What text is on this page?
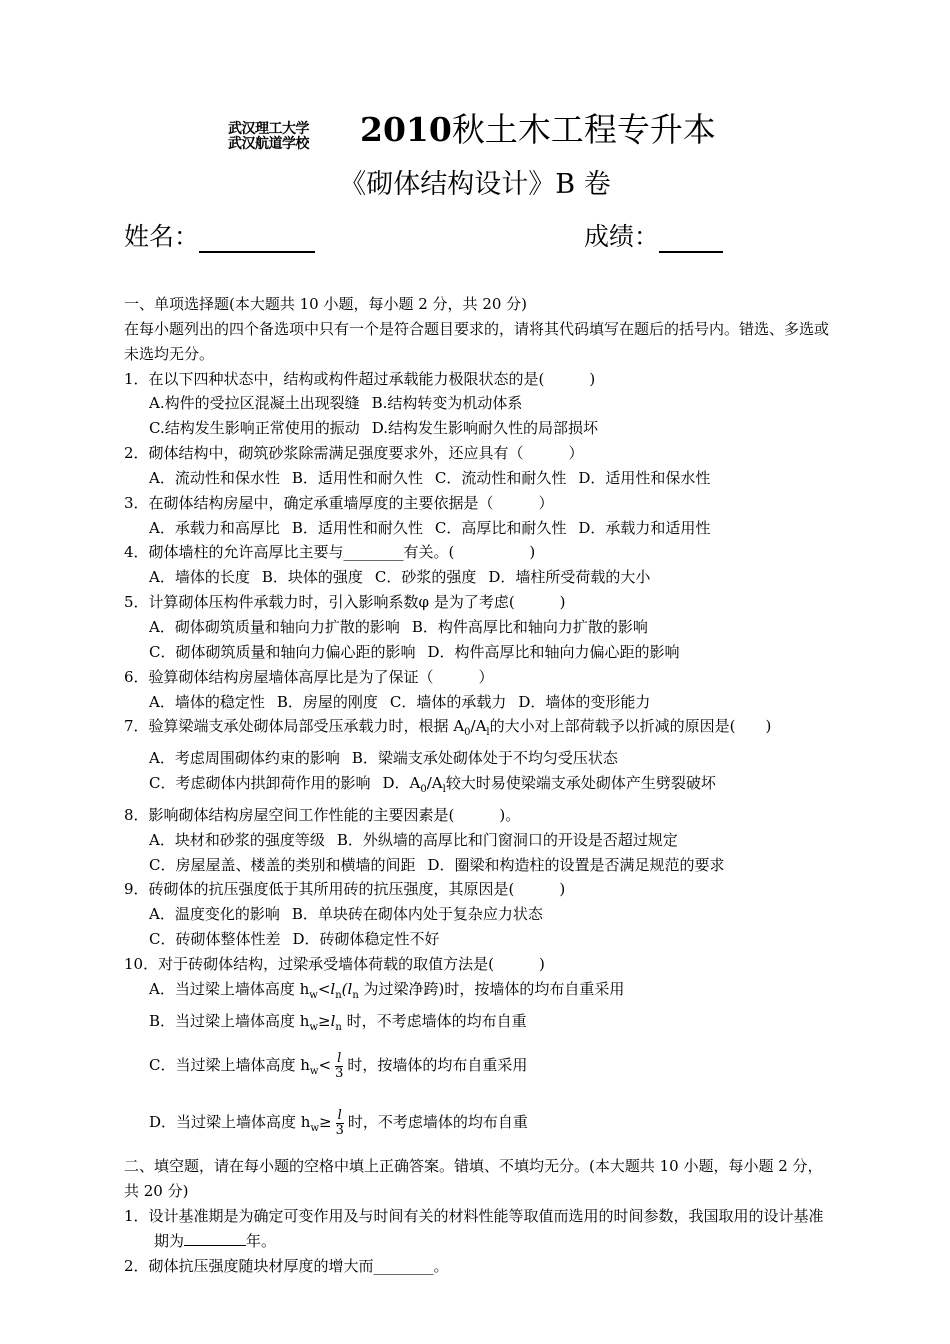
武汉理工大学
武汉航道学校	2010秋土木工程专升本
《砌体结构设计》B 卷
姓名：	成绩：
一、单项选择题(本大题共 10 小题，每小题 2 分，共 20 分)
在每小题列出的四个备选项中只有一个是符合题目要求的，请将其代码填写在题后的括号内。错选、多选或未选均无分。
1．在以下四种状态中，结构或构件超过承载能力极限状态的是(　　　)
A.构件的受拉区混凝土出现裂缝 B.结构转变为机动体系
C.结构发生影响正常使用的振动 D.结构发生影响耐久性的局部损坏
2．砌体结构中，砌筑砂浆除需满足强度要求外，还应具有（　　　）
A．流动性和保水性 B．适用性和耐久性 C．流动性和耐久性 D．适用性和保水性
3．在砌体结构房屋中，确定承重墙厚度的主要依据是（　　　）
A．承载力和高厚比 B．适用性和耐久性 C．高厚比和耐久性 D．承载力和适用性
4．砌体墙柱的允许高厚比主要与________有关。(　　　　　)
A．墙体的长度 B．块体的强度 C．砂浆的强度 D．墙柱所受荷载的大小
5．计算砌体压构件承载力时，引入影响系数φ 是为了考虑(　　　)
A．砌体砌筑质量和轴向力扩散的影响 B．构件高厚比和轴向力扩散的影响
C．砌体砌筑质量和轴向力偏心距的影响 D．构件高厚比和轴向力偏心距的影响
6．验算砌体结构房屋墙体高厚比是为了保证（　　　）
A．墙体的稳定性 B．房屋的刚度 C．墙体的承载力 D．墙体的变形能力
7．验算梁端支承处砌体局部受压承载力时，根据 $A_0/A_l$的大小对上部荷载予以折减的原因是(　　)
A．考虑周围砌体约束的影响 B．梁端支承处砌体处于不均匀受压状态
C．考虑砌体内拱卸荷作用的影响 D．$A_0/A_l$较大时易使梁端支承处砌体产生劈裂破坏
8．影响砌体结构房屋空间工作性能的主要因素是(　　　)。
A．块材和砂浆的强度等级 B．外纵墙的高厚比和门窗洞口的开设是否超过规定
C．房屋屋盖、楼盖的类别和横墙的间距 D．圈梁和构造柱的设置是否满足规范的要求
9．砖砌体的抗压强度低于其所用砖的抗压强度，其原因是(　　　)
A．温度变化的影响 B．单块砖在砌体内处于复杂应力状态
C．砖砌体整体性差 D．砖砌体稳定性不好
10．对于砖砌体结构，过梁承受墙体荷载的取值方法是(　　　)
A．当过梁上墙体高度 $h_w<l_n(l_n$ 为过梁净跨)时，按墙体的均布自重采用
B．当过梁上墙体高度 $h_w\ge l_n$ 时，不考虑墙体的均布自重
C．当过梁上墙体高度 $h_w< \frac{l}{3}$ 时，按墙体的均布自重采用
D．当过梁上墙体高度 $h_w\ge \frac{l}{3}$ 时，不考虑墙体的均布自重
二、填空题，请在每小题的空格中填上正确答案。错填、不填均无分。(本大题共 10 小题，每小题 2 分，共 20 分)
1．设计基准期是为确定可变作用及与时间有关的材料性能等取值而选用的时间参数，我国取用的设计基准期为	年。
2．砌体抗压强度随块材厚度的增大而________。
